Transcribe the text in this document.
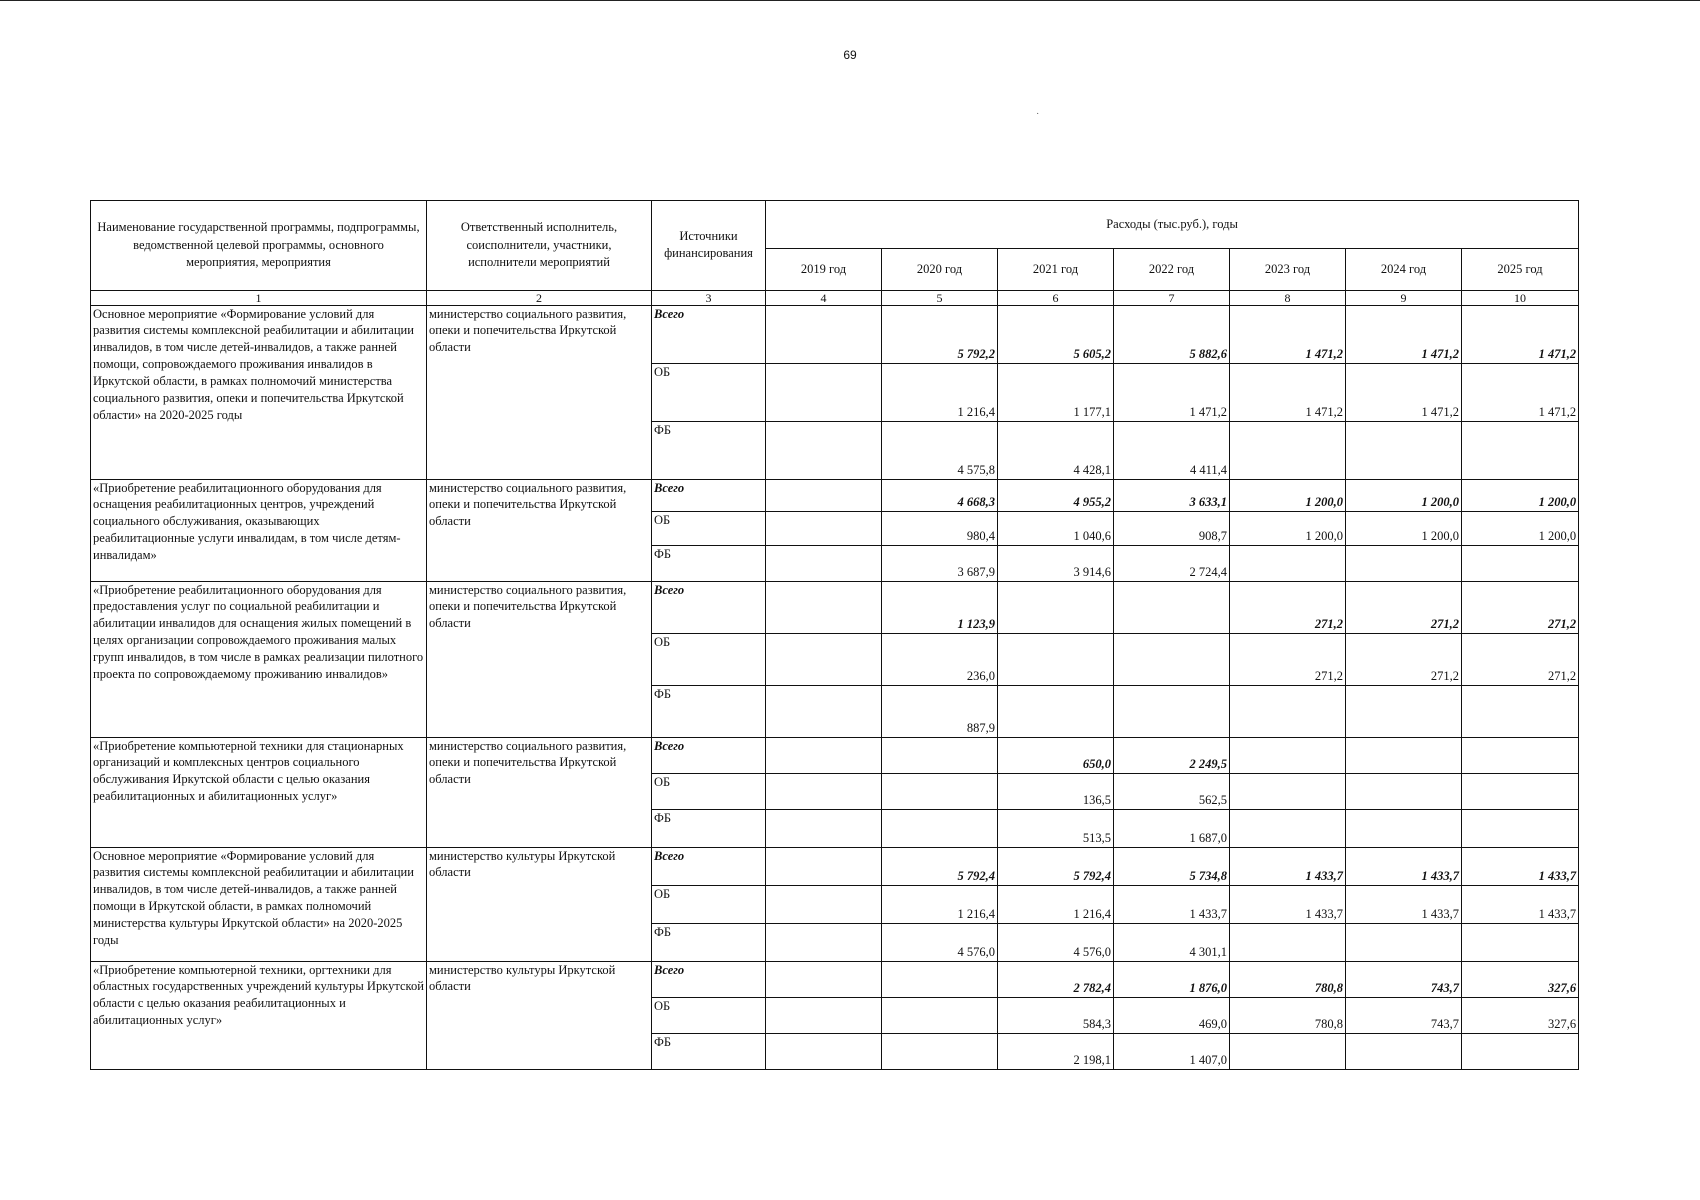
69
˙
Наименование государственной программы, подпрограммы, ведомственной целевой программы, основного мероприятия, мероприятия	Ответственный исполнитель, соисполнители, участники, исполнители мероприятий	Источники финансирования	Расходы (тыс.руб.), годы						
			2019 год	2020 год	2021 год	2022 год	2023 год	2024 год	2025 год
1	2	3	4	5	6	7	8	9	10
Основное мероприятие «Формирование условий для развития системы комплексной реабилитации и абилитации инвалидов, в том числе детей-инвалидов, а также ранней помощи, сопровождаемого проживания инвалидов в Иркутской области, в рамках полномочий министерства социального развития, опеки и попечительства Иркутской области» на 2020-2025 годы	министерство социального развития, опеки и попечительства Иркутской области	Всего		5 792,2	5 605,2	5 882,6	1 471,2	1 471,2	1 471,2
		ОБ		1 216,4	1 177,1	1 471,2	1 471,2	1 471,2	1 471,2
		ФБ		4 575,8	4 428,1	4 411,4			
«Приобретение реабилитационного оборудования для оснащения реабилитационных центров, учреждений социального обслуживания, оказывающих реабилитационные услуги инвалидам, в том числе детям-инвалидам»	министерство социального развития, опеки и попечительства Иркутской области	Всего		4 668,3	4 955,2	3 633,1	1 200,0	1 200,0	1 200,0
		ОБ		980,4	1 040,6	908,7	1 200,0	1 200,0	1 200,0
		ФБ		3 687,9	3 914,6	2 724,4			
«Приобретение реабилитационного оборудования для предоставления услуг по социальной реабилитации и абилитации инвалидов для оснащения жилых помещений в целях организации сопровождаемого проживания малых групп инвалидов, в том числе в рамках реализации пилотного проекта по сопровождаемому проживанию инвалидов»	министерство социального развития, опеки и попечительства Иркутской области	Всего		1 123,9			271,2	271,2	271,2
		ОБ		236,0			271,2	271,2	271,2
		ФБ		887,9					
«Приобретение компьютерной техники для стационарных организаций и комплексных центров социального обслуживания Иркутской области с целью оказания реабилитационных и абилитационных услуг»	министерство социального развития, опеки и попечительства Иркутской области	Всего			650,0	2 249,5			
		ОБ			136,5	562,5			
		ФБ			513,5	1 687,0			
Основное мероприятие «Формирование условий для развития системы комплексной реабилитации и абилитации инвалидов, в том числе детей-инвалидов, а также ранней помощи в Иркутской области, в рамках полномочий министерства культуры Иркутской области» на 2020-2025 годы	министерство культуры Иркутской области	Всего		5 792,4	5 792,4	5 734,8	1 433,7	1 433,7	1 433,7
		ОБ		1 216,4	1 216,4	1 433,7	1 433,7	1 433,7	1 433,7
		ФБ		4 576,0	4 576,0	4 301,1			
«Приобретение компьютерной техники, оргтехники для областных государственных учреждений культуры Иркутской области с целью оказания реабилитационных и абилитационных услуг»	министерство культуры Иркутской области	Всего			2 782,4	1 876,0	780,8	743,7	327,6
		ОБ			584,3	469,0	780,8	743,7	327,6
		ФБ			2 198,1	1 407,0			
